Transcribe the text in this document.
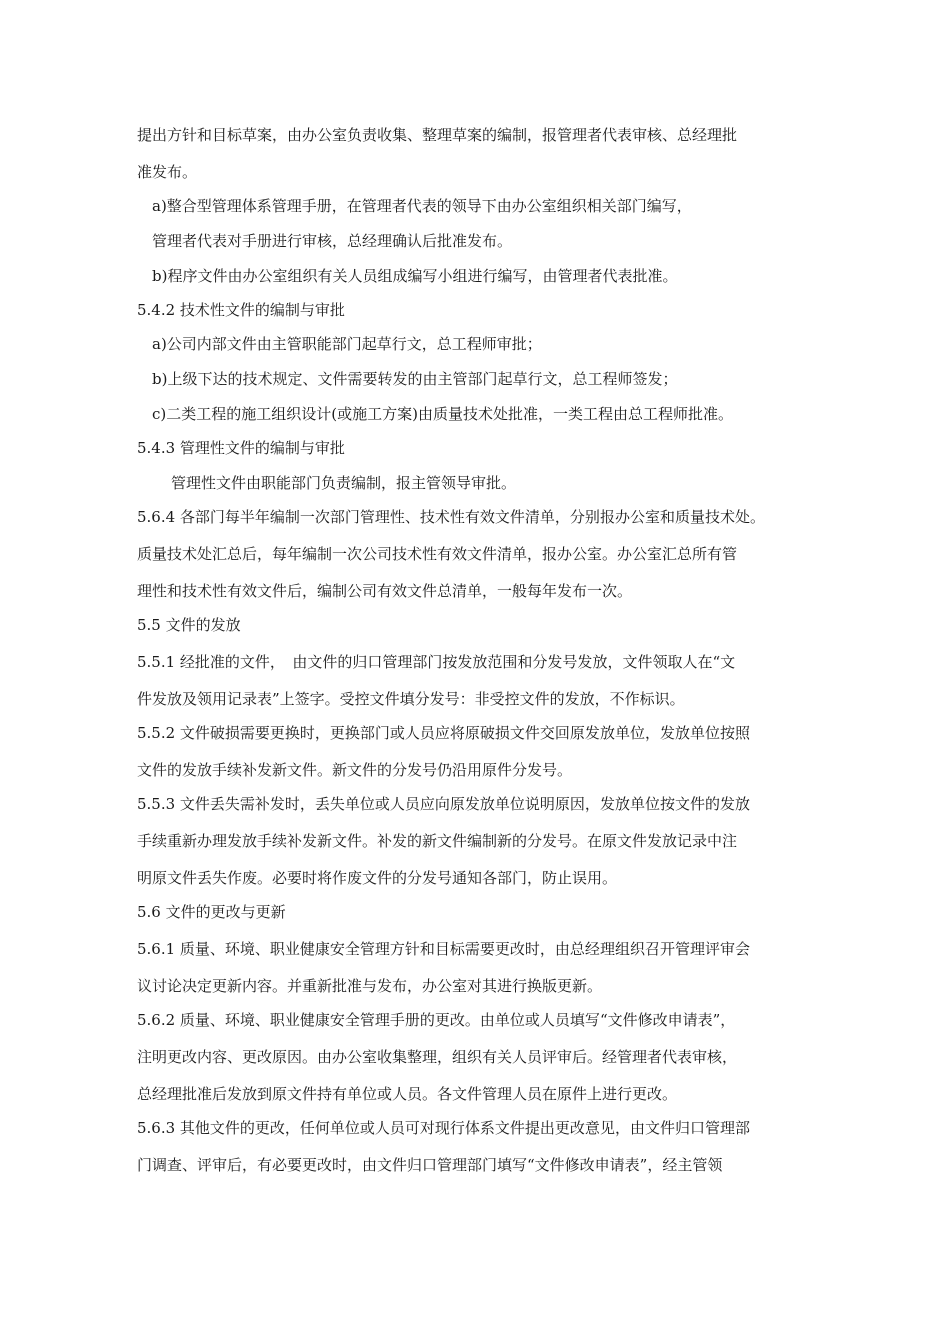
提出方针和目标草案，由办公室负责收集、整理草案的编制，报管理者代表审核、总经理批
准发布。
a)整合型管理体系管理手册，在管理者代表的领导下由办公室组织相关部门编写，
管理者代表对手册进行审核，总经理确认后批准发布。
b)程序文件由办公室组织有关人员组成编写小组进行编写，由管理者代表批准。
5.4.2 技术性文件的编制与审批
a)公司内部文件由主管职能部门起草行文，总工程师审批；
b)上级下达的技术规定、文件需要转发的由主管部门起草行文，总工程师签发；
c)二类工程的施工组织设计(或施工方案)由质量技术处批准，一类工程由总工程师批准。
5.4.3 管理性文件的编制与审批
管理性文件由职能部门负责编制，报主管领导审批。
5.6.4 各部门每半年编制一次部门管理性、技术性有效文件清单，分别报办公室和质量技术处。
质量技术处汇总后，每年编制一次公司技术性有效文件清单，报办公室。办公室汇总所有管
理性和技术性有效文件后，编制公司有效文件总清单，一般每年发布一次。
5.5 文件的发放
5.5.1 经批准的文件，　由文件的归口管理部门按发放范围和分发号发放，文件领取人在“文
件发放及领用记录表”上签字。受控文件填分发号：非受控文件的发放，不作标识。
5.5.2 文件破损需要更换时，更换部门或人员应将原破损文件交回原发放单位，发放单位按照
文件的发放手续补发新文件。新文件的分发号仍沿用原件分发号。
5.5.3 文件丢失需补发时，丢失单位或人员应向原发放单位说明原因，发放单位按文件的发放
手续重新办理发放手续补发新文件。补发的新文件编制新的分发号。在原文件发放记录中注
明原文件丢失作废。必要时将作废文件的分发号通知各部门，防止误用。
5.6 文件的更改与更新
5.6.1 质量、环境、职业健康安全管理方针和目标需要更改时，由总经理组织召开管理评审会
议讨论决定更新内容。并重新批准与发布，办公室对其进行换版更新。
5.6.2 质量、环境、职业健康安全管理手册的更改。由单位或人员填写“文件修改申请表”，
注明更改内容、更改原因。由办公室收集整理，组织有关人员评审后。经管理者代表审核，
总经理批准后发放到原文件持有单位或人员。各文件管理人员在原件上进行更改。
5.6.3 其他文件的更改，任何单位或人员可对现行体系文件提出更改意见，由文件归口管理部
门调查、评审后，有必要更改时，由文件归口管理部门填写“文件修改申请表”，经主管领
